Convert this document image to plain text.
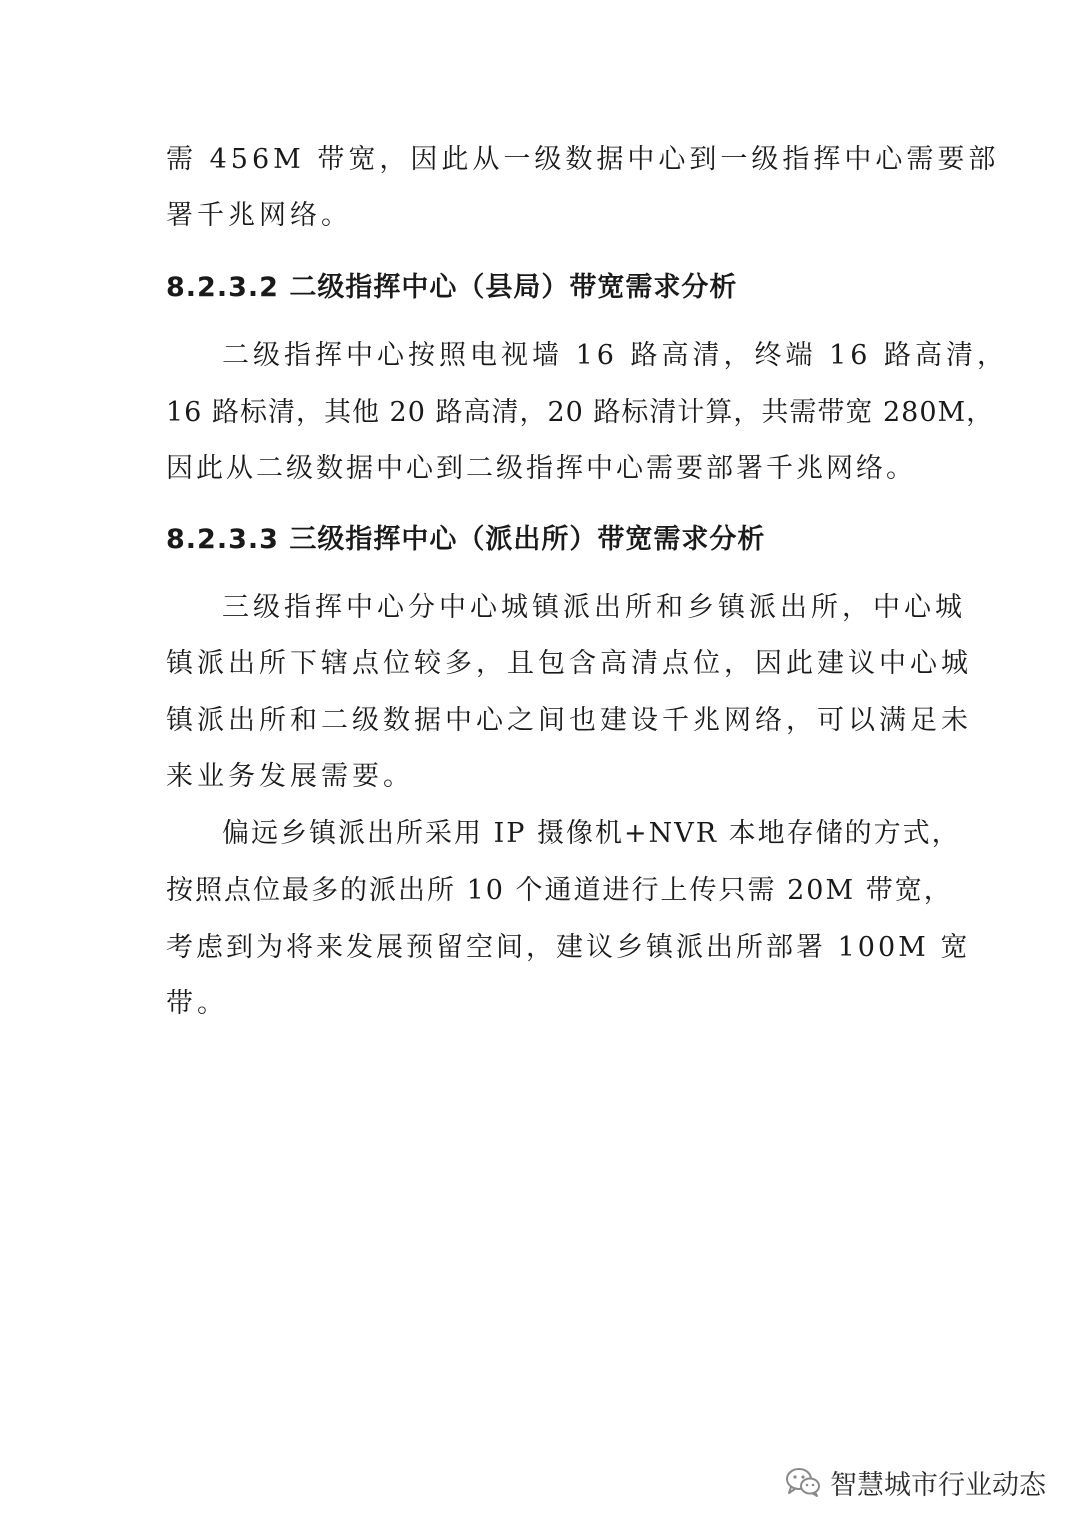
需 456M 带宽，因此从一级数据中心到一级指挥中心需要部
署千兆网络。
8.2.3.2 二级指挥中心（县局）带宽需求分析
二级指挥中心按照电视墙 16 路高清，终端 16 路高清，
16 路标清，其他 20 路高清，20 路标清计算，共需带宽 280M，
因此从二级数据中心到二级指挥中心需要部署千兆网络。
8.2.3.3 三级指挥中心（派出所）带宽需求分析
三级指挥中心分中心城镇派出所和乡镇派出所，中心城
镇派出所下辖点位较多，且包含高清点位，因此建议中心城
镇派出所和二级数据中心之间也建设千兆网络，可以满足未
来业务发展需要。
偏远乡镇派出所采用 IP 摄像机+NVR 本地存储的方式，
按照点位最多的派出所 10 个通道进行上传只需 20M 带宽，
考虑到为将来发展预留空间，建议乡镇派出所部署 100M 宽
带。
智慧城市行业动态
